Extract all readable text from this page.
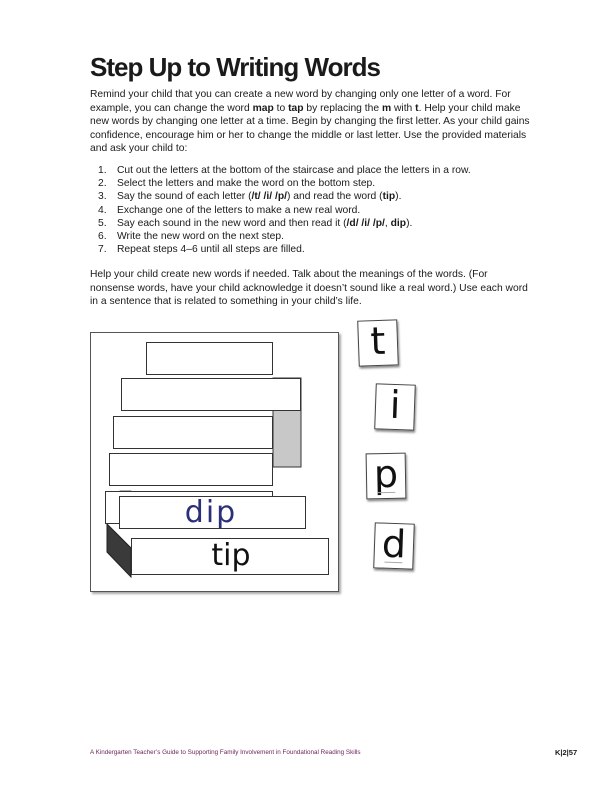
Step Up to Writing Words

Remind your child that you can create a new word by changing only one letter of a word. For example, you can change the word map to tap by replacing the m with t. Help your child make new words by changing one letter at a time. Begin by changing the first letter. As your child gains confidence, encourage him or her to change the middle or last letter. Use the provided materials and ask your child to:

1. Cut out the letters at the bottom of the staircase and place the letters in a row.
2. Select the letters and make the word on the bottom step.
3. Say the sound of each letter (/t/ /i/ /p/) and read the word (tip).
4. Exchange one of the letters to make a new real word.
5. Say each sound in the new word and then read it (/d/ /i/ /p/, dip).
6. Write the new word on the next step.
7. Repeat steps 4–6 until all steps are filled.

Help your child create new words if needed. Talk about the meanings of the words. (For nonsense words, have your child acknowledge it doesn’t sound like a real word.) Use each word in a sentence that is related to something in your child’s life.

dip
tip
t
i
p
d
A Kindergarten Teacher’s Guide to Supporting Family Involvement in Foundational Reading Skills	K|2|57
